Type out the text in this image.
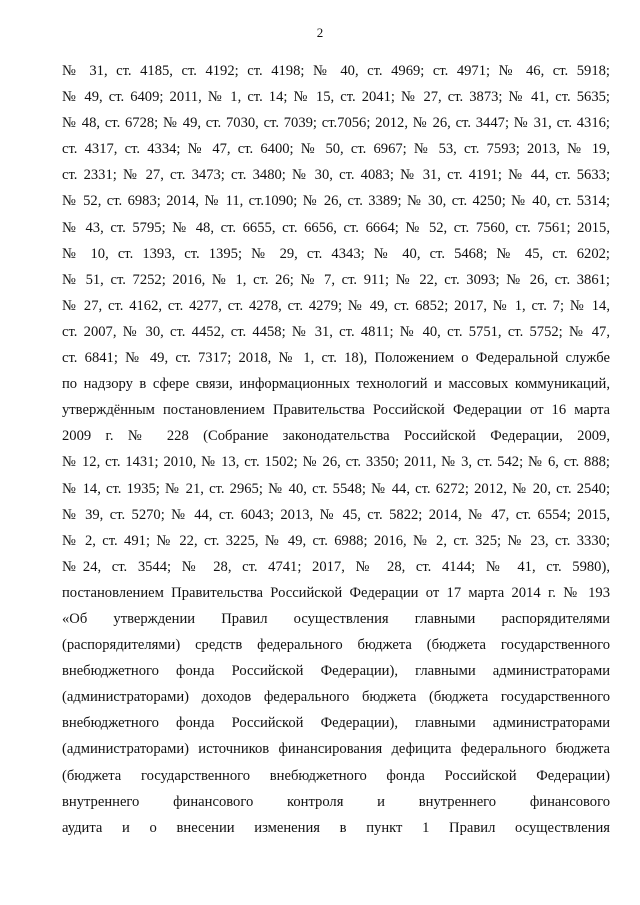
2
№ 31, ст. 4185, ст. 4192; ст. 4198; № 40, ст. 4969; ст. 4971; № 46, ст. 5918;
№ 49, ст. 6409; 2011, № 1, ст. 14; № 15, ст. 2041; № 27, ст. 3873; № 41, ст. 5635;
№ 48, ст. 6728; № 49, ст. 7030, ст. 7039; ст.7056; 2012, № 26, ст. 3447; № 31, ст. 4316;
ст. 4317, ст. 4334; № 47, ст. 6400; № 50, ст. 6967; № 53, ст. 7593; 2013, № 19,
ст. 2331; № 27, ст. 3473; ст. 3480; № 30, ст. 4083; № 31, ст. 4191; № 44, ст. 5633;
№ 52, ст. 6983; 2014, № 11, ст.1090; № 26, ст. 3389; № 30, ст. 4250; № 40, ст. 5314;
№ 43, ст. 5795; № 48, ст. 6655, ст. 6656, ст. 6664; № 52, ст. 7560, ст. 7561; 2015,
№ 10, ст. 1393, ст. 1395; № 29, ст. 4343; № 40, ст. 5468; № 45, ст. 6202;
№ 51, ст. 7252; 2016, № 1, ст. 26; № 7, ст. 911; № 22, ст. 3093; № 26, ст. 3861;
№ 27, ст. 4162, ст. 4277, ст. 4278, ст. 4279; № 49, ст. 6852; 2017, № 1, ст. 7; № 14,
ст. 2007, № 30, ст. 4452, ст. 4458; № 31, ст. 4811; № 40, ст. 5751, ст. 5752; № 47,
ст. 6841; № 49, ст. 7317; 2018, № 1, ст. 18), Положением о Федеральной службе
по надзору в сфере связи, информационных технологий и массовых коммуникаций,
утверждённым постановлением Правительства Российской Федерации от 16 марта
2009 г. № 228 (Собрание законодательства Российской Федерации, 2009,
№ 12, ст. 1431; 2010, № 13, ст. 1502; № 26, ст. 3350; 2011, № 3, ст. 542; № 6, ст. 888;
№ 14, ст. 1935; № 21, ст. 2965; № 40, ст. 5548; № 44, ст. 6272; 2012, № 20, ст. 2540;
№ 39, ст. 5270; № 44, ст. 6043; 2013, № 45, ст. 5822; 2014, № 47, ст. 6554; 2015,
№ 2, ст. 491; № 22, ст. 3225, № 49, ст. 6988; 2016, № 2, ст. 325; № 23, ст. 3330;
№24, ст. 3544; № 28, ст. 4741; 2017, № 28, ст. 4144; № 41, ст. 5980),
постановлением Правительства Российской Федерации от 17 марта 2014 г. № 193
«Об утверждении Правил осуществления главными распорядителями
(распорядителями) средств федерального бюджета (бюджета государственного
внебюджетного фонда Российской Федерации), главными администраторами
(администраторами) доходов федерального бюджета (бюджета государственного
внебюджетного фонда Российской Федерации), главными администраторами
(администраторами) источников финансирования дефицита федерального бюджета
(бюджета государственного внебюджетного фонда Российской Федерации)
внутреннего финансового контроля и внутреннего финансового
аудита и о внесении изменения в пункт 1 Правил осуществления
